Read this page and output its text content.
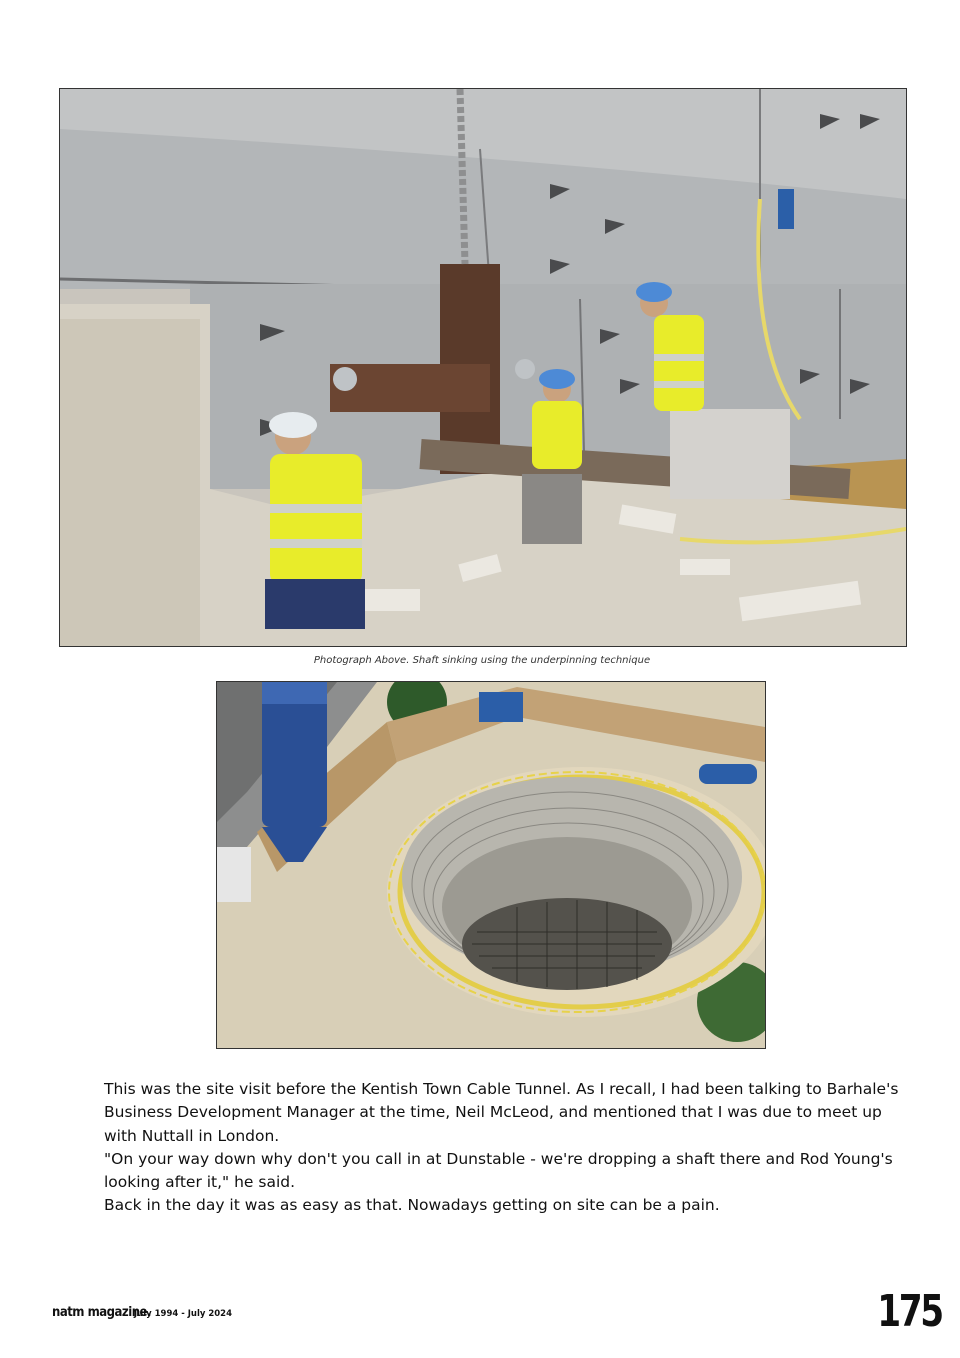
Photograph Above. Shaft sinking using the underpinning technique

This was the site visit before the Kentish Town Cable Tunnel. As I recall, I had been talking to Barhale's Business Development Manager at the time, Neil McLeod, and mentioned that I was due to meet up with Nuttall in London.

"On your way down why don't you call in at Dunstable - we're dropping a shaft there and Rod Young's looking after it," he said.

Back in the day it was as easy as that. Nowadays getting on site can be a pain.

natm magazine.
July 1994 - July 2024	175
